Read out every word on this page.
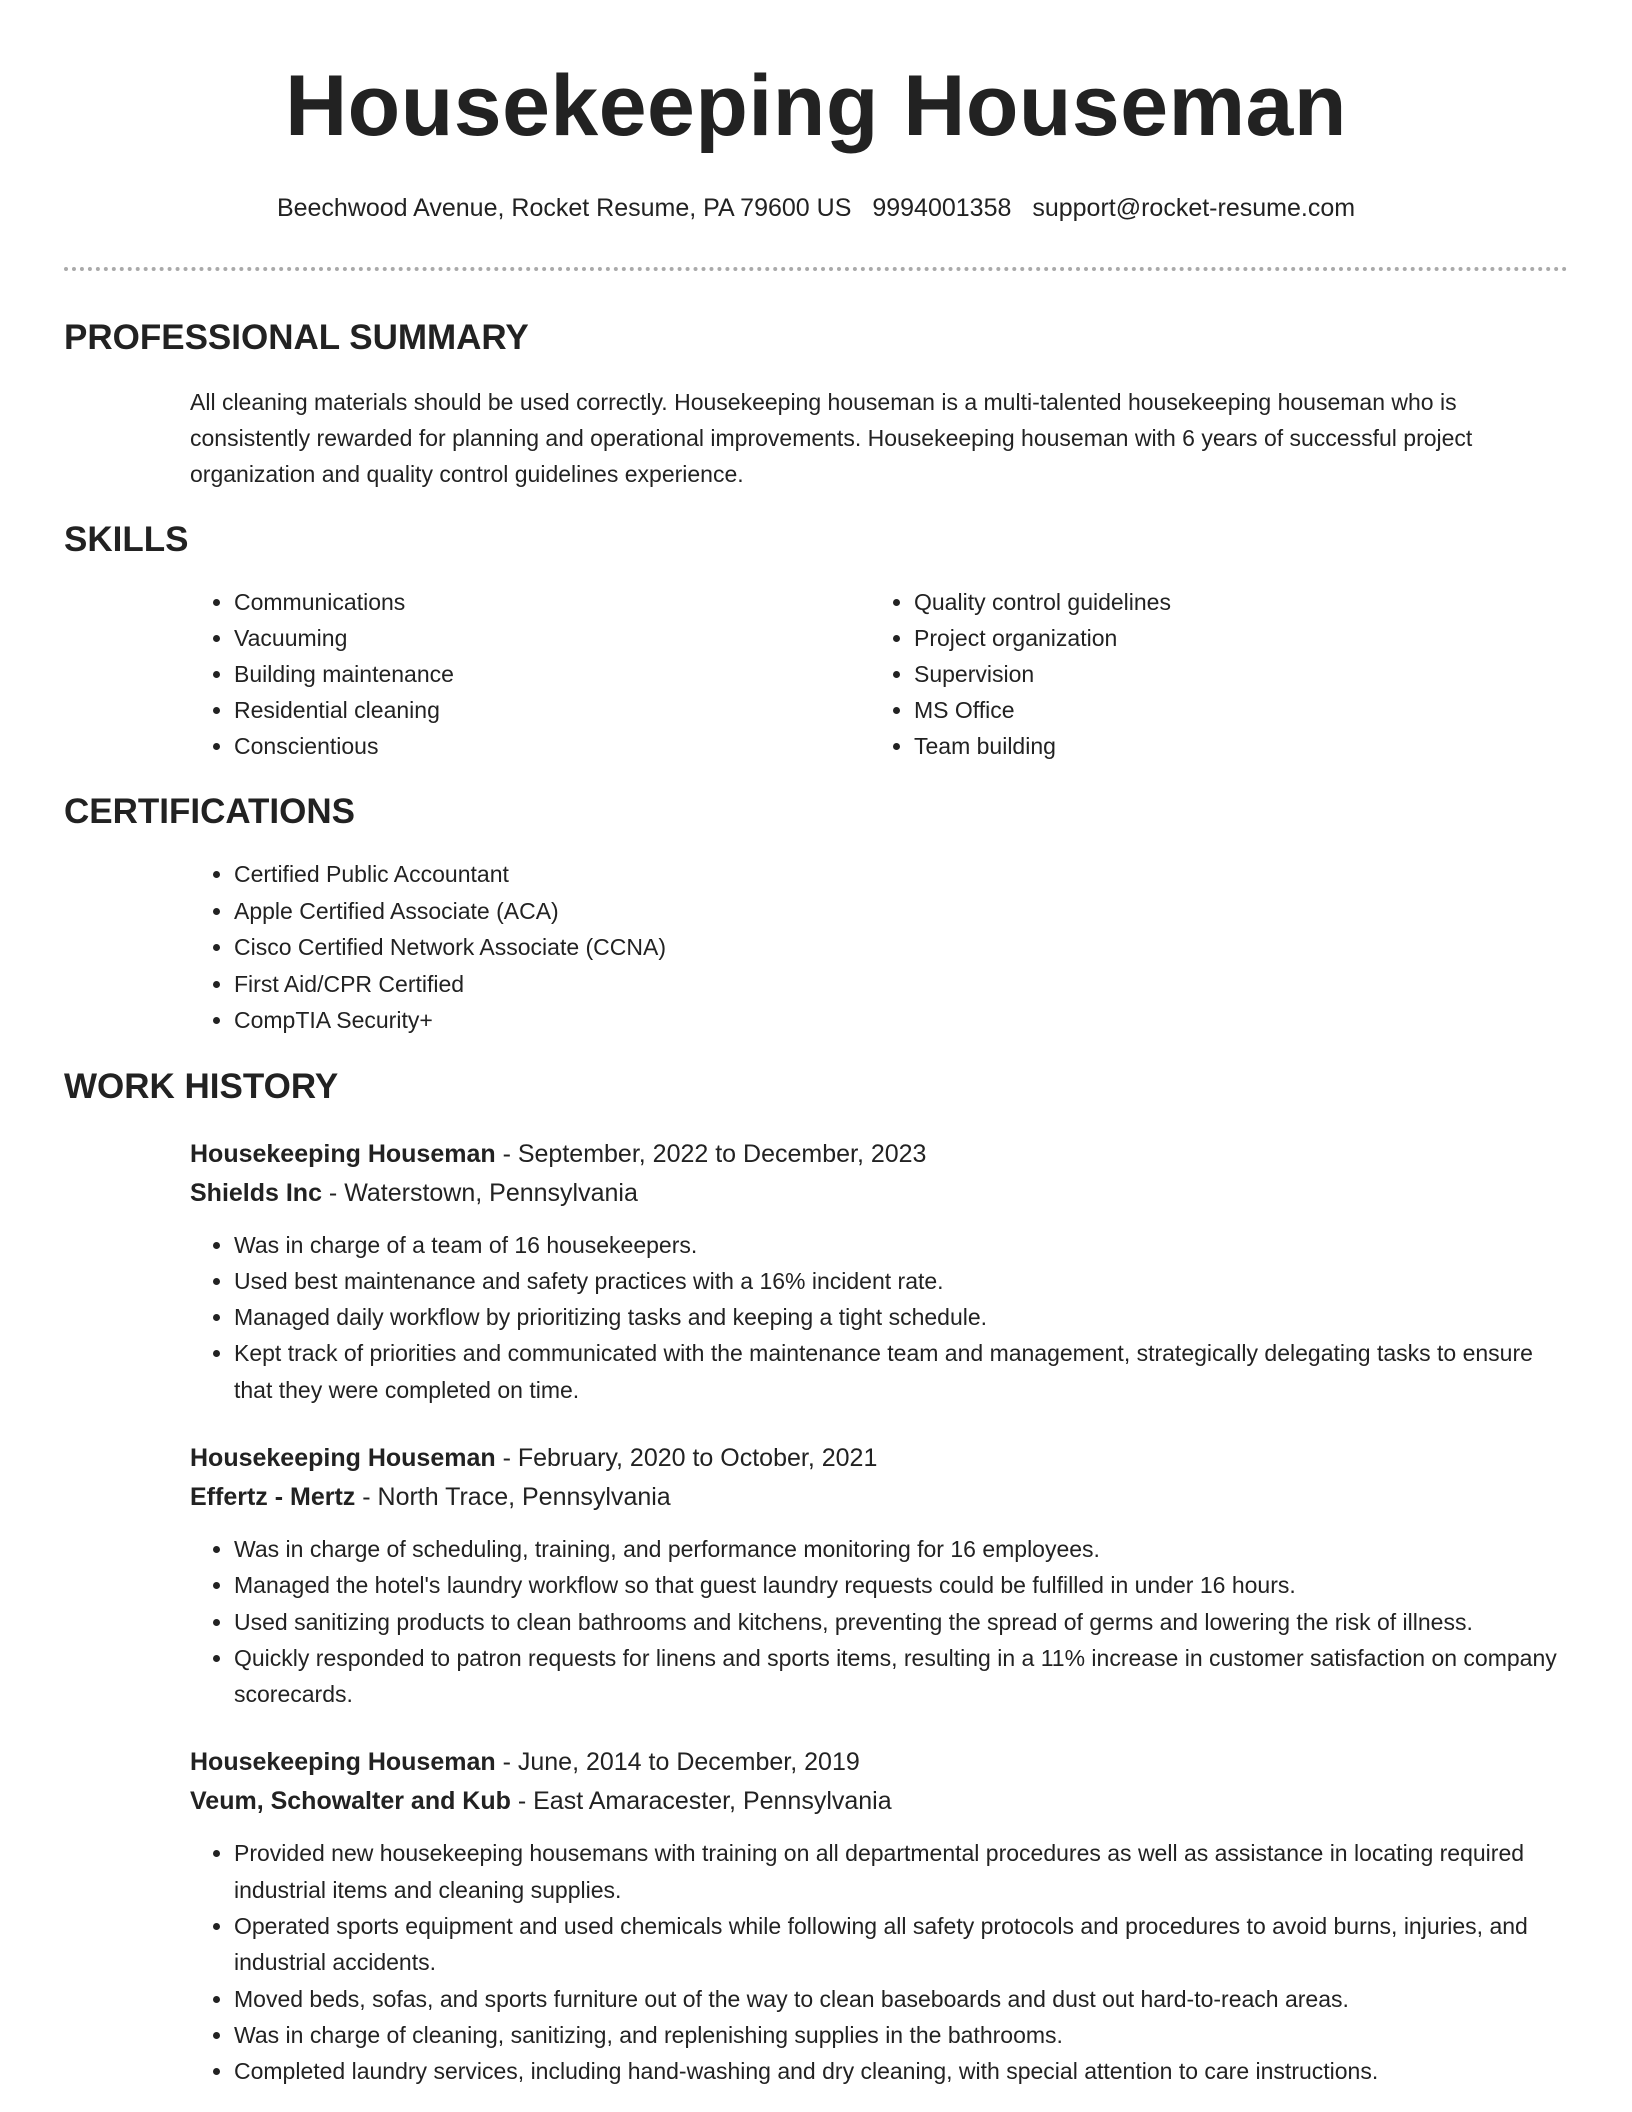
Housekeeping Houseman
Beechwood Avenue, Rocket Resume, PA 79600 US 9994001358 support@rocket-resume.com
PROFESSIONAL SUMMARY
All cleaning materials should be used correctly. Housekeeping houseman is a multi-talented housekeeping houseman who is consistently rewarded for planning and operational improvements. Housekeeping houseman with 6 years of successful project organization and quality control guidelines experience.
SKILLS
• Communications
• Vacuuming
• Building maintenance
• Residential cleaning
• Conscientious
• Quality control guidelines
• Project organization
• Supervision
• MS Office
• Team building
CERTIFICATIONS
• Certified Public Accountant
• Apple Certified Associate (ACA)
• Cisco Certified Network Associate (CCNA)
• First Aid/CPR Certified
• CompTIA Security+
WORK HISTORY
Housekeeping Houseman - September, 2022 to December, 2023
Shields Inc - Waterstown, Pennsylvania
• Was in charge of a team of 16 housekeepers.
• Used best maintenance and safety practices with a 16% incident rate.
• Managed daily workflow by prioritizing tasks and keeping a tight schedule.
• Kept track of priorities and communicated with the maintenance team and management, strategically delegating tasks to ensure that they were completed on time.
Housekeeping Houseman - February, 2020 to October, 2021
Effertz - Mertz - North Trace, Pennsylvania
• Was in charge of scheduling, training, and performance monitoring for 16 employees.
• Managed the hotel's laundry workflow so that guest laundry requests could be fulfilled in under 16 hours.
• Used sanitizing products to clean bathrooms and kitchens, preventing the spread of germs and lowering the risk of illness.
• Quickly responded to patron requests for linens and sports items, resulting in a 11% increase in customer satisfaction on company scorecards.
Housekeeping Houseman - June, 2014 to December, 2019
Veum, Schowalter and Kub - East Amaracester, Pennsylvania
• Provided new housekeeping housemans with training on all departmental procedures as well as assistance in locating required industrial items and cleaning supplies.
• Operated sports equipment and used chemicals while following all safety protocols and procedures to avoid burns, injuries, and industrial accidents.
• Moved beds, sofas, and sports furniture out of the way to clean baseboards and dust out hard-to-reach areas.
• Was in charge of cleaning, sanitizing, and replenishing supplies in the bathrooms.
• Completed laundry services, including hand-washing and dry cleaning, with special attention to care instructions.
